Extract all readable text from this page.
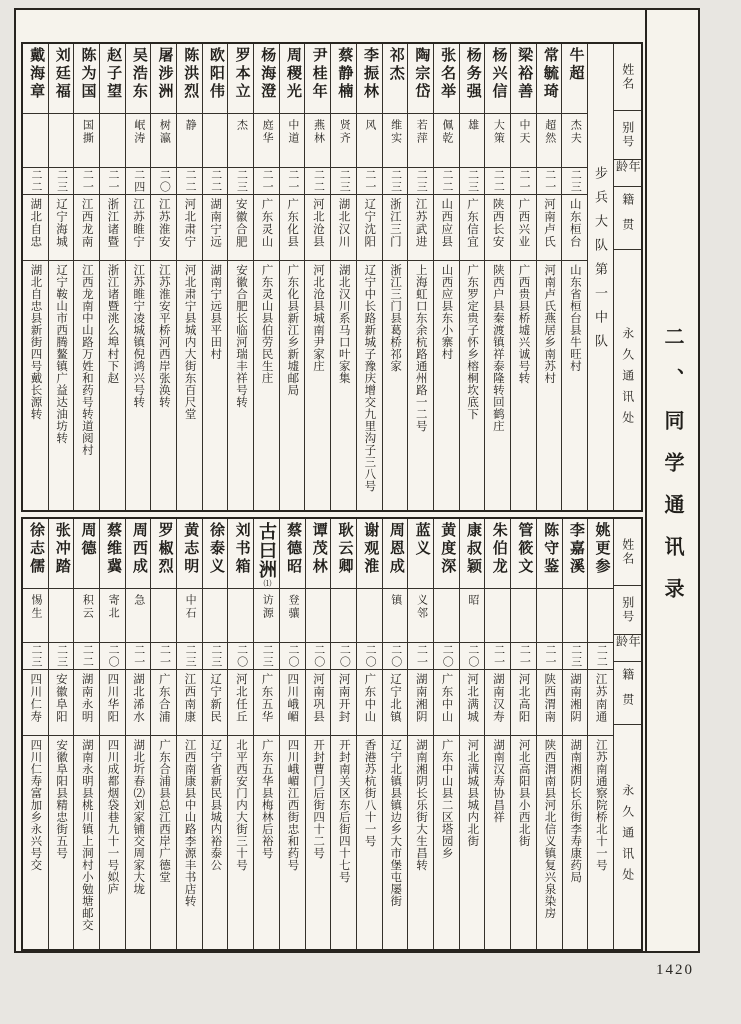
二、同学通讯录
姓名
别号
年龄
籍贯
永久通讯处
步兵大队第一中队
牛超
杰夫
二三
山东桓台
山东省桓台县牛旺村
常毓琦
超然
二一
河南卢氏
河南卢氏燕居乡南苏村
梁裕善
中天
二一
广西兴业
广西贵县桥墟兴诚号转
杨兴信
大策
二二
陕西长安
陕西户县秦渡镇祥泰隆转回鹤庄
杨务强
雄
二三
广东信宜
广东罗定贵子怀乡榕桐坎底下
张名举
佩乾
二二
山西应县
山西应县东小寨村
陶宗岱
若萍
二三
江苏武进
上海虹口东余杭路通州路一二号
祁杰
维实
二三
浙江三门
浙江三门县葛桥祁家
李振林
风
二一
辽宁沈阳
辽宁中长路新城子豫庆增交九里沟子三八号
蔡静楠
贤齐
二三
湖北汉川
湖北汉川系马口叶家集
尹桂年
燕林
二二
河北沧县
河北沧县城南尹家庄
周稷光
中道
二一
广东化县
广东化县新江乡新墟邮局
杨海澄
庭华
二一
广东灵山
广东灵山县伯劳民生庄
罗本立
杰
二三
安徽合肥
安徽合肥长临河瑞丰祥号转
欧阳伟
二二
湖南宁远
湖南宁远县平田村
陈洪烈
静
二二
河北肃宁
河北肃宁县城内大街东百尺堂
屠涉洲
树瀛
二〇
江苏淮安
江苏淮安平桥河西岸张涣转
吴浩东
岷涛
二四
江苏睢宁
江苏睢宁凌城镇倪鸿兴号转
赵子望
二一
浙江诸暨
浙江诸暨洮么埠村下赵
陈为国
国撕
二一
江西龙南
江西龙南中山路万姓和药号转道阅村
刘廷福
二三
辽宁海城
辽宁鞍山市西腾鳌镇广益达油坊转
戴海章
二二
湖北自忠
湖北自忠县新街四号戴长源转
姓名
别号
年龄
籍贯
永久通讯处
姚更参
二二
江苏南通
江苏南通察院桥北十一号
李嘉溪
二三
湖南湘阴
湖南湘阴长乐街李寿康药局
陈守鉴
二一
陕西渭南
陕西渭南县河北信义镇复兴泉染房
管筱文
二一
河北高阳
河北高阳县小西北街
朱伯龙
二一
湖南汉寿
湖南汉寿协昌祥
康叔颖
昭
二〇
河北满城
河北满城县城内北街
黄度深
二〇
广东中山
广东中山县二区塔园乡
蓝义
义邻
二一
湖南湘阴
湖南湘阴长乐街大生昌转
周恩成
镇
二〇
辽宁北镇
辽宁北镇县镇边乡大市堡屯屡街
谢观淮
二〇
广东中山
香港苏杭街八十一号
耿云卿
二〇
河南开封
开封南关区东后街四十七号
谭茂林
二〇
河南巩县
开封曹门后街四十二号
蔡德昭
登骧
二〇
四川峨嵋
四川峨嵋江西街忠和药号
古曰洲⑴
访源
二三
广东五华
广东五华县梅林后裕号
刘书箱
二〇
河北任丘
北平西安门内大街三十号
徐泰义
二三
辽宁新民
辽宁省新民县城内裕泰公
黄志明
中石
二三
江西南康
江西南康县中山路李源丰书店转
罗椒烈
二一
广东合浦
广东合浦县总江西岸广德堂
周西成
急
二一
湖北浠水
湖北圻春⑵刘家铺交周家大垅
蔡维冀
寄北
二〇
四川华阳
四川成都烟袋巷九十一号姒庐
周德
积云
二二
湖南永明
湖南永明县桃川镇上洞村小勉塘邮交
张冲踏
二三
安徽阜阳
安徽阜阳县精忠街五号
徐志儒
惕生
二三
四川仁寿
四川仁寿富加乡永兴号交
1420
